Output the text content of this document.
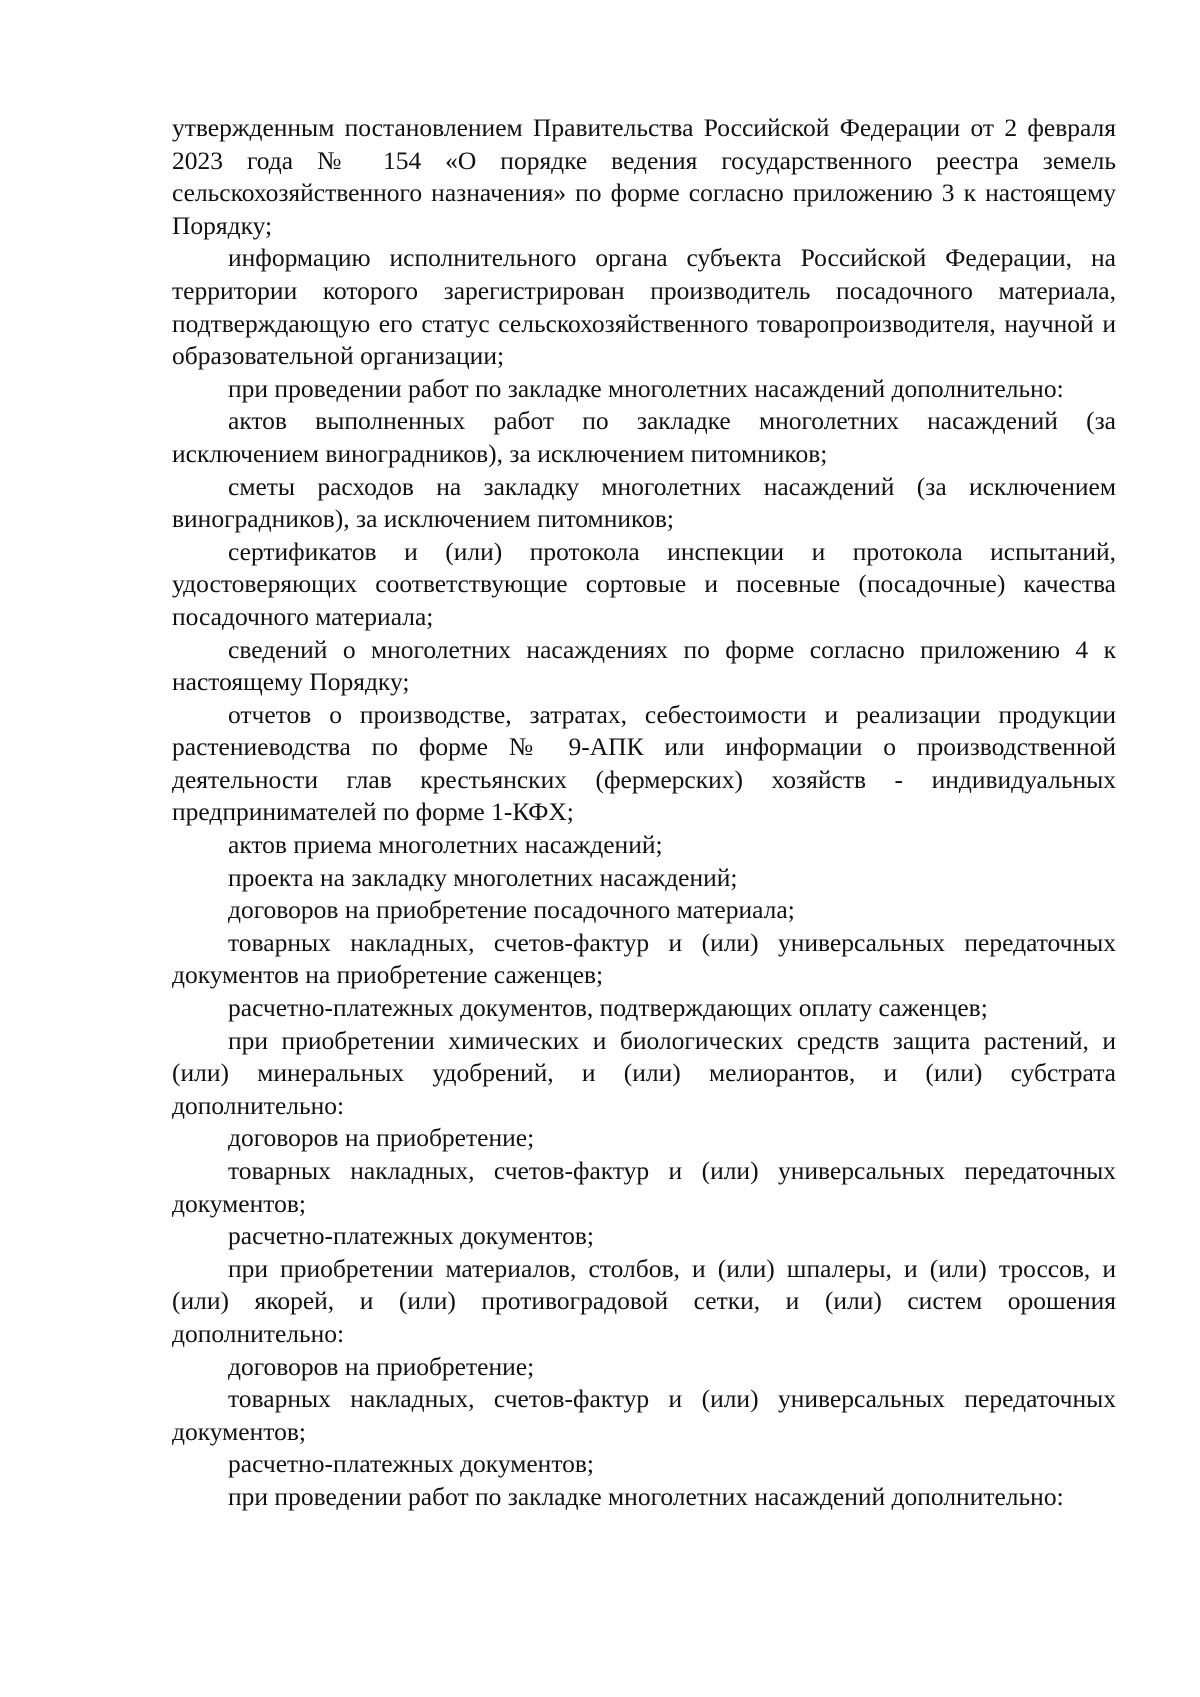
утвержденным постановлением Правительства Российской Федерации от 2 февраля 2023 года № 154 «О порядке ведения государственного реестра земель сельскохозяйственного назначения» по форме согласно приложению 3 к настоящему Порядку;

информацию исполнительного органа субъекта Российской Федерации, на территории которого зарегистрирован производитель посадочного материала, подтверждающую его статус сельскохозяйственного товаропроизводителя, научной и образовательной организации;

при проведении работ по закладке многолетних насаждений дополнительно:

актов выполненных работ по закладке многолетних насаждений (за исключением виноградников), за исключением питомников;

сметы расходов на закладку многолетних насаждений (за исключением виноградников), за исключением питомников;

сертификатов и (или) протокола инспекции и протокола испытаний, удостоверяющих соответствующие сортовые и посевные (посадочные) качества посадочного материала;

сведений о многолетних насаждениях по форме согласно приложению 4 к настоящему Порядку;

отчетов о производстве, затратах, себестоимости и реализации продукции растениеводства по форме № 9-АПК или информации о производственной деятельности глав крестьянских (фермерских) хозяйств - индивидуальных предпринимателей по форме 1-КФХ;

актов приема многолетних насаждений;

проекта на закладку многолетних насаждений;

договоров на приобретение посадочного материала;

товарных накладных, счетов-фактур и (или) универсальных передаточных документов на приобретение саженцев;

расчетно-платежных документов, подтверждающих оплату саженцев;

при приобретении химических и биологических средств защита растений, и (или) минеральных удобрений, и (или) мелиорантов, и (или) субстрата дополнительно:

договоров на приобретение;

товарных накладных, счетов-фактур и (или) универсальных передаточных документов;

расчетно-платежных документов;

при приобретении материалов, столбов, и (или) шпалеры, и (или) троссов, и (или) якорей, и (или) противоградовой сетки, и (или) систем орошения дополнительно:

договоров на приобретение;

товарных накладных, счетов-фактур и (или) универсальных передаточных документов;

расчетно-платежных документов;

при проведении работ по закладке многолетних насаждений дополнительно:
